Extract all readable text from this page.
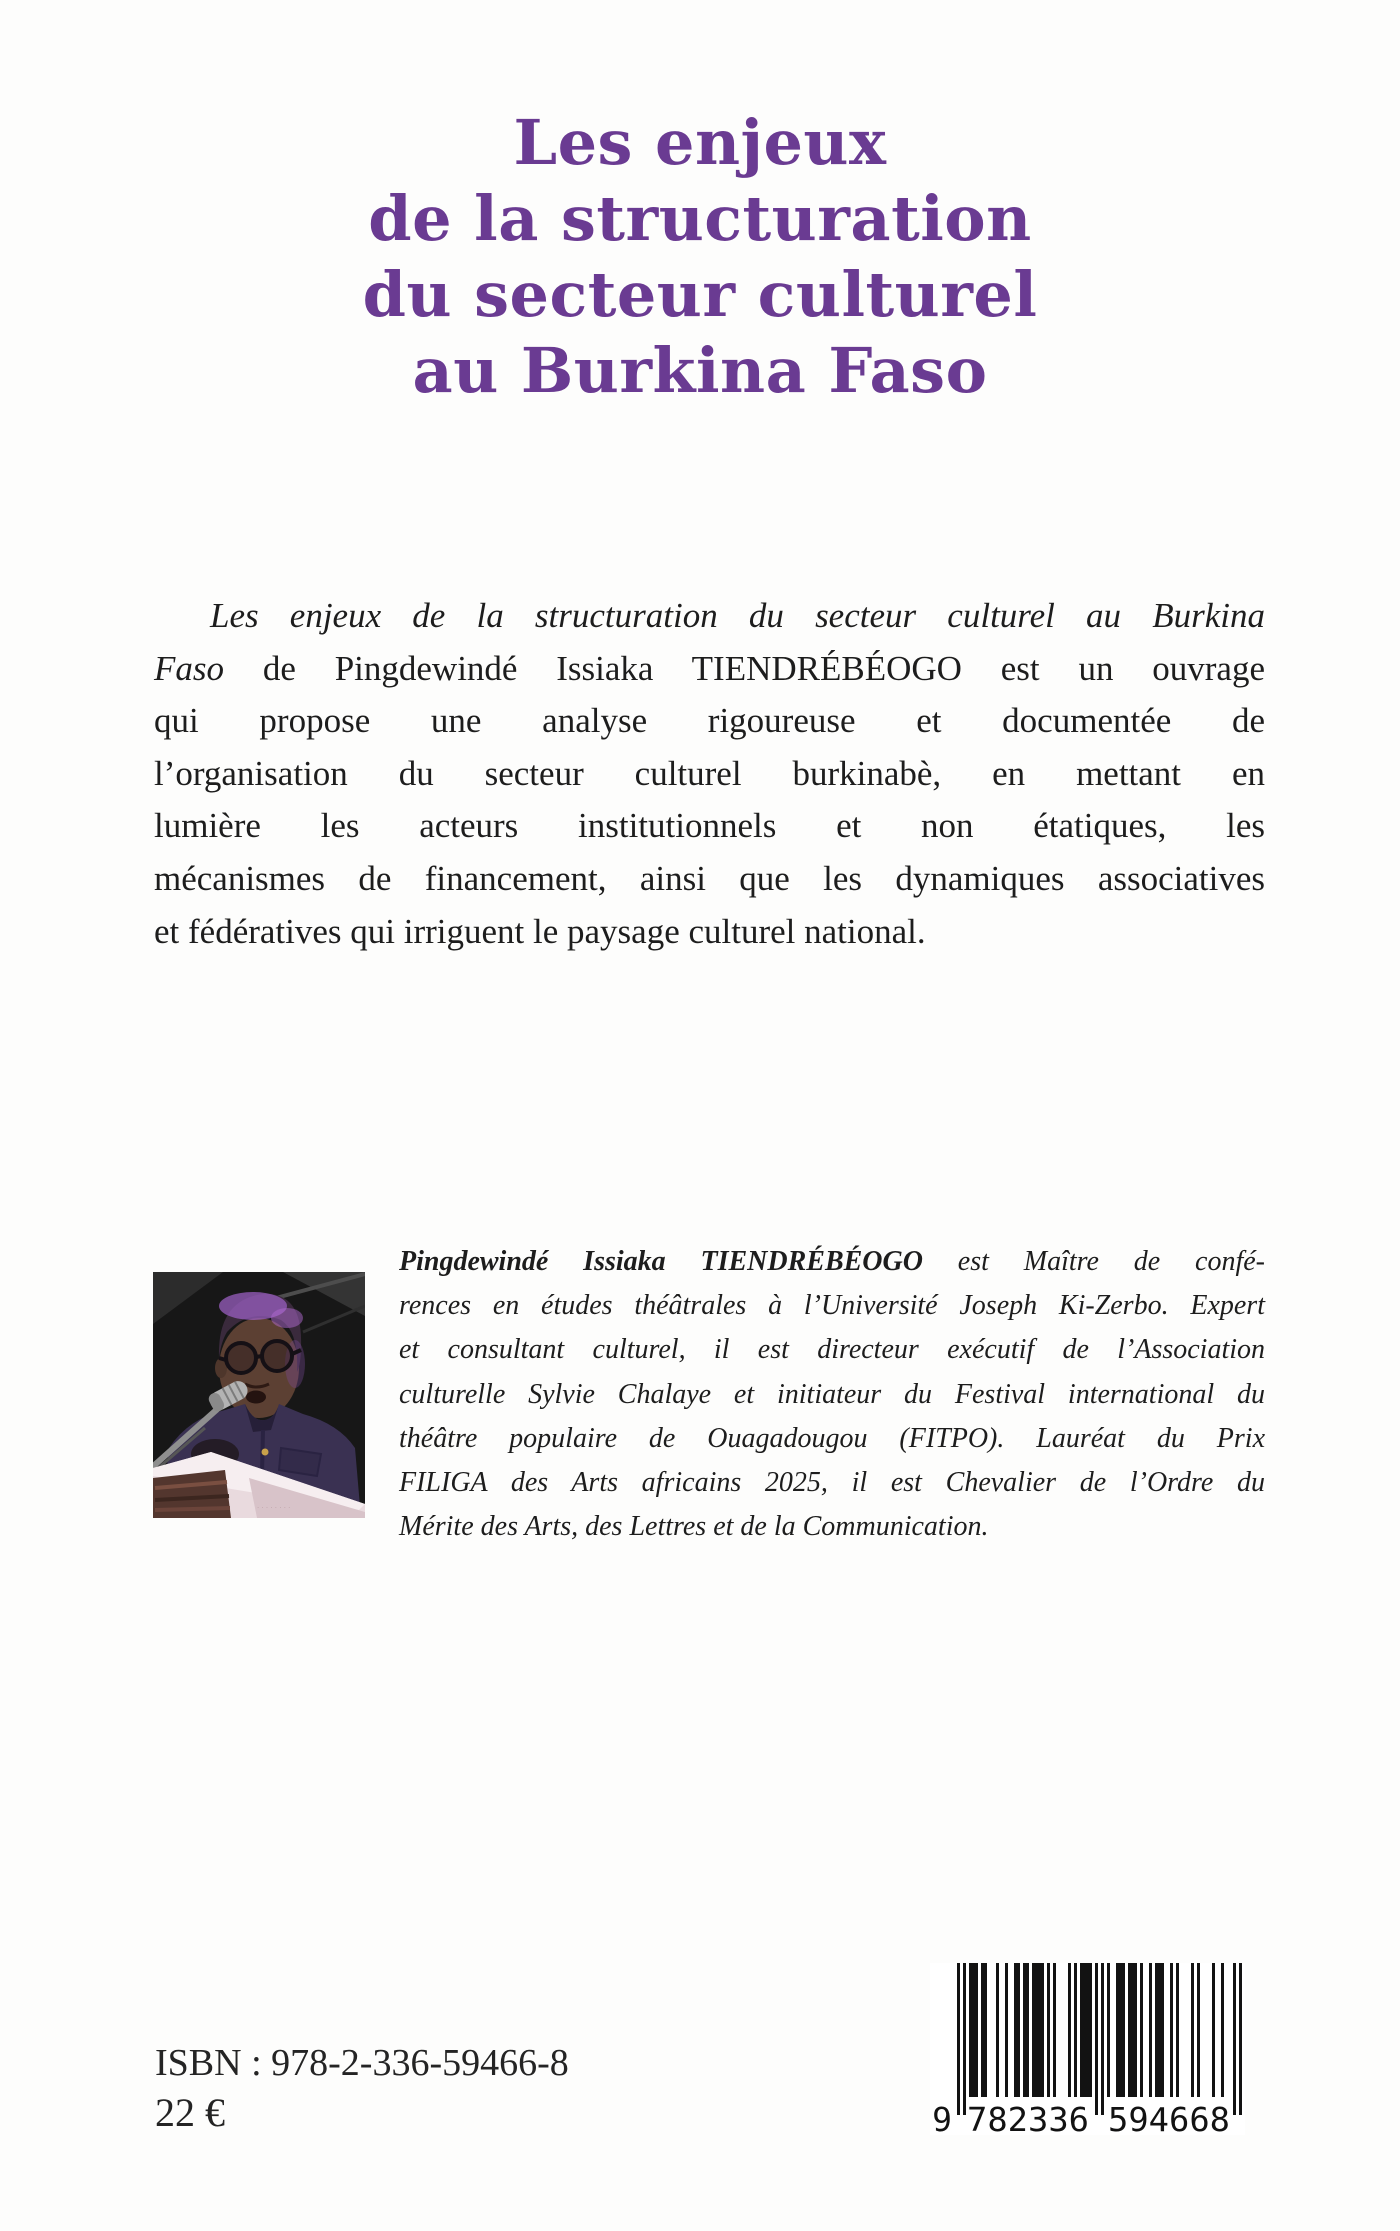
Les enjeux
de la structuration
du secteur culturel
au Burkina Faso
Les enjeux de la structuration du secteur culturel au Burkina
Faso de Pingdewindé Issiaka TIENDRÉBÉOGO est un ouvrage
qui propose une analyse rigoureuse et documentée de
l’organisation du secteur culturel burkinabè, en mettant en
lumière les acteurs institutionnels et non étatiques, les
mécanismes de financement, ainsi que les dynamiques associatives
et fédératives qui irriguent le paysage culturel national.
· · · · · · · ·
Pingdewindé Issiaka TIENDRÉBÉOGO est Maître de confé-
rences en études théâtrales à l’Université Joseph Ki-Zerbo. Expert
et consultant culturel, il est directeur exécutif de l’Association
culturelle Sylvie Chalaye et initiateur du Festival international du
théâtre populaire de Ouagadougou (FITPO). Lauréat du Prix
FILIGA des Arts africains 2025, il est Chevalier de l’Ordre du
Mérite des Arts, des Lettres et de la Communication.
ISBN : 978-2-336-59466-8
22 €	9 782336 594668
